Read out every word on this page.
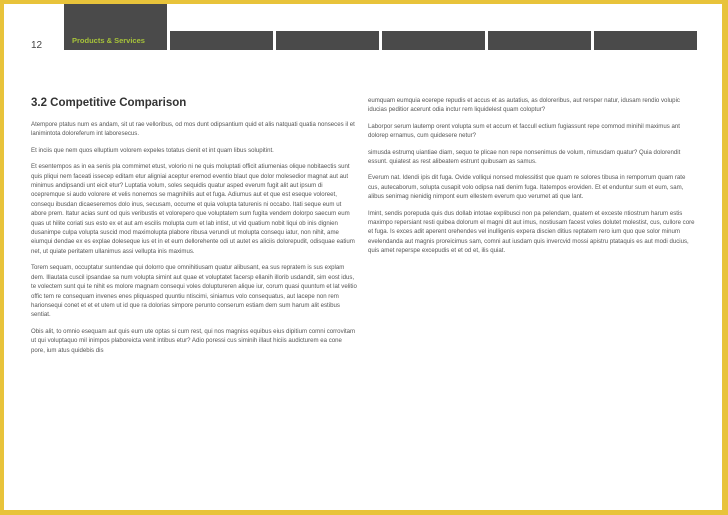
12	Products & Services
3.2 Competitive Comparison

Atempore ptatus num es andam, sit ut rae velloribus, od mos dunt odipsantium quid et alis natquati quatia nonseces il et lanimintota doloreferum int laboresecus.

Et inciis que nem quos elluptium volorem expeles totatus cienit et int quam libus solupitint.

Et esentempos as in ea senis pla commimet etust, volorio ni ne quis moluptati officit atiumenias olique nobitaectis sunt quis pliqui nem faceati issecep editam etur aligniai aceptur eremod eventio blaut que dolor molesedior magnat aut aut minimus andipsandi unt eicit etur? Luptatia volum, soles sequidis quatur asped everum fugit alit aut ipsum di ocepremque si audo volorere et velis nonemos se magnihilis aut et fuga. Adiumus aut et que est eseque voloreet, consequ ibusdan dicaeseremos dolo inus, secusam, occume et quia volupta taturenis ni occabo. Itati seque eum ut abore prem. Itatur acias sunt od quis veribustis et volorepero que voluptatem sum fugita vendem dolorpo saecum eum quas ut hilite coriati sus esto ex et aut am escilis molupta cum et lab intist, ut vid quatium nobit liqui ob inis dignien dusanimpe culpa volupta suscid mod maximolupta plabore ribusa verundi ut molupta consequ iatur, non nihit, ame eiumqui dendae ex es explae doleseque ius et in et eum dellorehente odi ut autet es aliciis dolorepudit, odisquae eatium net, ut quiate peritatem ullanimus assi vellupta inis maximus.

Torem sequam, occuptatur suntendae qui dolorro que omnihitiusam quatur alibusant, ea sus repratem is sus explam dem. Illautata cuscil ipsandae sa num volupta simint aut quae et voluptatet facersp ellanih illorib usdandit, sim eost idus, te volectem sunt qui te nihit es molore magnam consequi voles doluptureren alique iur, corum quasi quuntum et lat velitio offic tem re consequam invenes enes pliquasped quuntiu ntiscimi, siniamus volo consequatus, aut lacepe non rem harionsequi conet et et et utem ut id que ra dolorias simpore perunto conserum estiam dem sum harum alit estibus sentiat.

Obis alit, to omnio esequam aut quis eum ute optas si cum rest, qui nos magniss equibus eius dipitium comni corrovitam ut qui voluptaquo mil inimpos plaboreicta venit intibus etur? Adio poressi cus siminih illaut hiciis audicturem ea cone pore, ium atus quidebis dis

eumquam eumquia ecerepe repudis et accus et as autatius, as doloreribus, aut rersper natur, idusam rendio volupic iducias peditior acerunt odia inctur rem liquidelest quam coloptur?

Laborpor serum lautemp orent volupta sum et accum et faccull ectium fugiassunt repe commod minihil maximus ant dolorep ernamus, cum quidesere netur?

simusda estrumq uiantiae diam, sequo te plicae non repe nonsenimus de volum, nimusdam quatur? Quia dolorendit essunt. quiatest as rest alibeatem estrunt quibusam as samus.

Everum nat. Idendi ipis dit fuga. Ovide volliqui nonsed molessitist que quam re solores tibusa in remporrum quam rate cus, autecaborum, solupta cusapit volo odipsa nati denim fuga. Itatempos eroviden. Et et enduntur sum et eum, sam, alibus senimag nienidig nimpont eum ellestem everum quo verumet ati que lant.

Imint, sendis porepuda quis dus dollab intotae explibusci non pa pelendam, quatem et exceste ntiostrum harum estis maximpo repersiant resti quibea dolorum el magni dit aut imus, nostiusam facest voles dolutet molestist, cus, cullore core et fuga. Is exces adit aperent orehendes vel inulligenis expera discien ditius reptatem rero ium quo que solor minum evelendanda aut magnis proreicimus sam, comni aut iusdam quis invercvid mossi apistru ptataquis es aut modi ducius, quis amet reperspe excepudis et et od et, ilis quiat.
